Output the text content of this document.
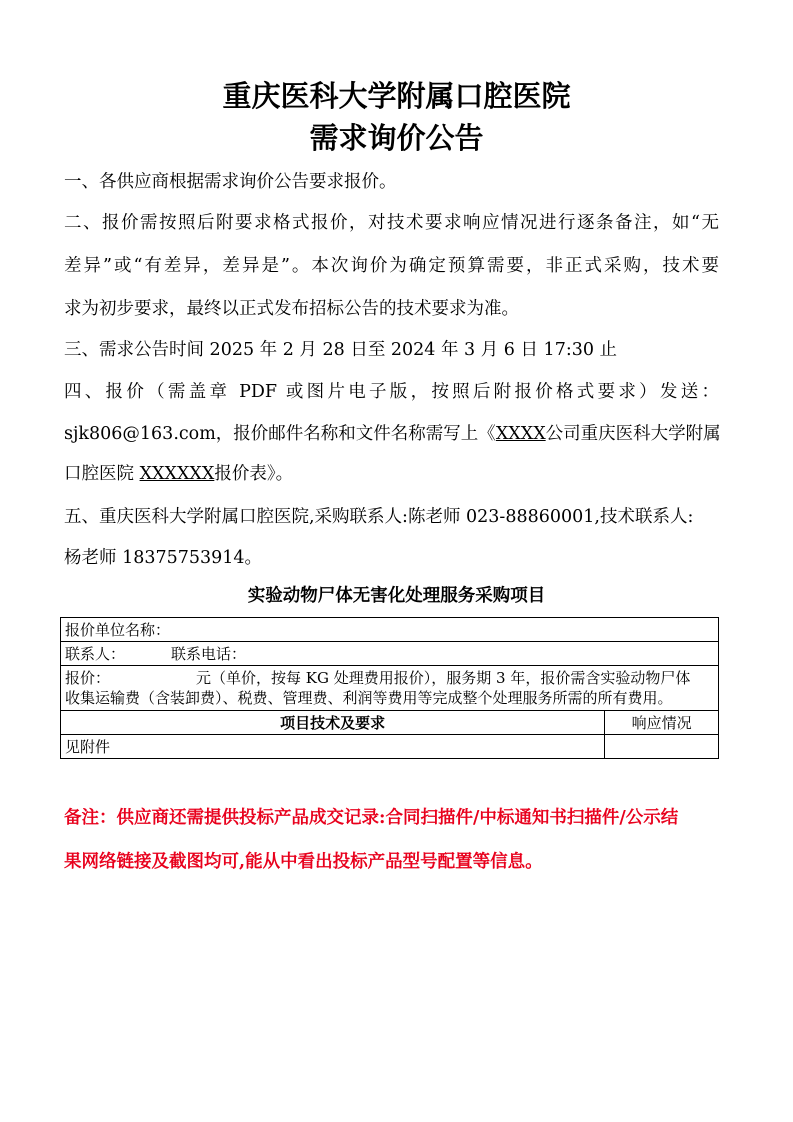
重庆医科大学附属口腔医院
需求询价公告
一、各供应商根据需求询价公告要求报价。
二、报价需按照后附要求格式报价，对技术要求响应情况进行逐条备注，如“无
差异”或“有差异，差异是”。本次询价为确定预算需要，非正式采购，技术要
求为初步要求，最终以正式发布招标公告的技术要求为准。
三、需求公告时间 2025 年 2 月 28 日至 2024 年 3 月 6 日 17:30 止
四、报价（需盖章 PDF 或图片电子版，按照后附报价格式要求）发送：
sjk806@163.com，报价邮件名称和文件名称需写上《XXXX公司重庆医科大学附属
口腔医院 XXXXXX报价表》。
五、重庆医科大学附属口腔医院,采购联系人:陈老师 023-88860001,技术联系人:
杨老师 18375753914。
实验动物尸体无害化处理服务采购项目
报价单位名称：	
联系人： 联系电话：	

报价： 元（单价，按每 KG 处理费用报价），服务期 3 年，报价需含实验动物尸体
收集运输费（含装卸费）、税费、管理费、利润等费用等完成整个处理服务所需的所有费用。	

项目技术及要求	响应情况
见附件	
备注：供应商还需提供投标产品成交记录:合同扫描件/中标通知书扫描件/公示结
果网络链接及截图均可,能从中看出投标产品型号配置等信息。
